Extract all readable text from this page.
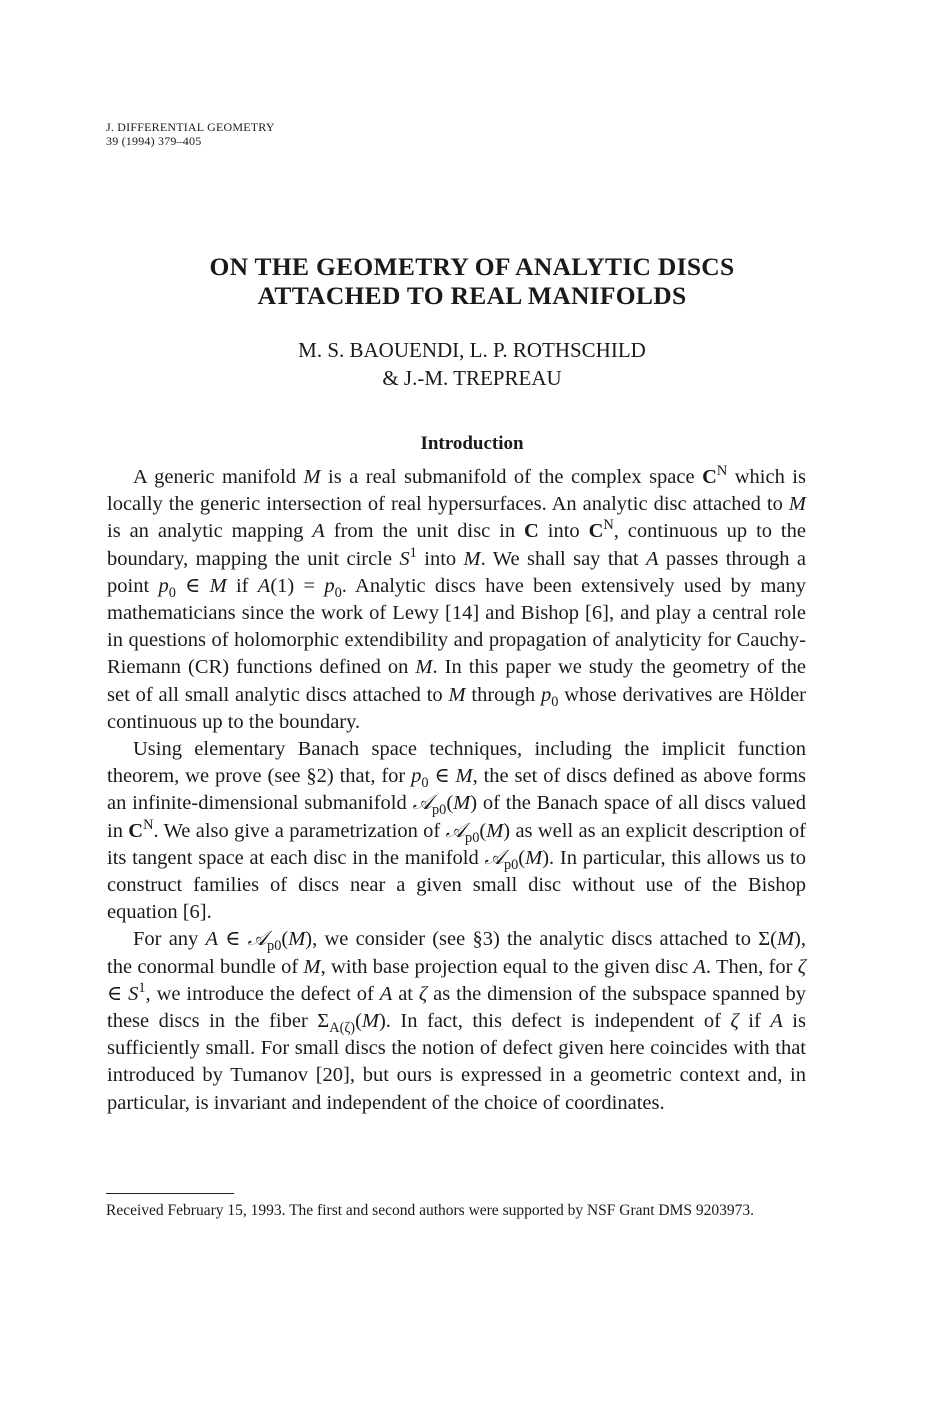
J. DIFFERENTIAL GEOMETRY
39 (1994) 379–405
ON THE GEOMETRY OF ANALYTIC DISCS
ATTACHED TO REAL MANIFOLDS
M. S. BAOUENDI, L. P. ROTHSCHILD
& J.-M. TREPREAU
Introduction

A generic manifold M is a real submanifold of the complex space $C^N$ which is locally the generic intersection of real hypersurfaces. An analytic disc attached to M is an analytic mapping A from the unit disc in C into $C^N$, continuous up to the boundary, mapping the unit circle $S^1$ into M. We shall say that A passes through a point $p_0$ ∈ M if $A(1) = p_0$. Analytic discs have been extensively used by many mathematicians since the work of Lewy [14] and Bishop [6], and play a central role in questions of holomorphic extendibility and propagation of analyticity for Cauchy-Riemann (CR) functions defined on M. In this paper we study the geometry of the set of all small analytic discs attached to M through $p_0$ whose derivatives are Hölder continuous up to the boundary.

Using elementary Banach space techniques, including the implicit function theorem, we prove (see §2) that, for $p_0$ ∈ M, the set of discs defined as above forms an infinite-dimensional submanifold 𝒜$_{p0}$(M) of the Banach space of all discs valued in $C^N$. We also give a parametrization of 𝒜$_{p0}$(M) as well as an explicit description of its tangent space at each disc in the manifold 𝒜$_{p0}$(M). In particular, this allows us to construct families of discs near a given small disc without use of the Bishop equation [6].

For any A ∈ 𝒜$_{p0}$(M), we consider (see §3) the analytic discs attached to Σ(M), the conormal bundle of M, with base projection equal to the given disc A. Then, for ζ ∈ $S^1$, we introduce the defect of A at ζ as the dimension of the subspace spanned by these discs in the fiber $\Sigma_{A(\zeta)}(M)$. In fact, this defect is independent of ζ if A is sufficiently small. For small discs the notion of defect given here coincides with that introduced by Tumanov [20], but ours is expressed in a geometric context and, in particular, is invariant and independent of the choice of coordinates.

Received February 15, 1993. The first and second authors were supported by NSF Grant DMS 9203973.
